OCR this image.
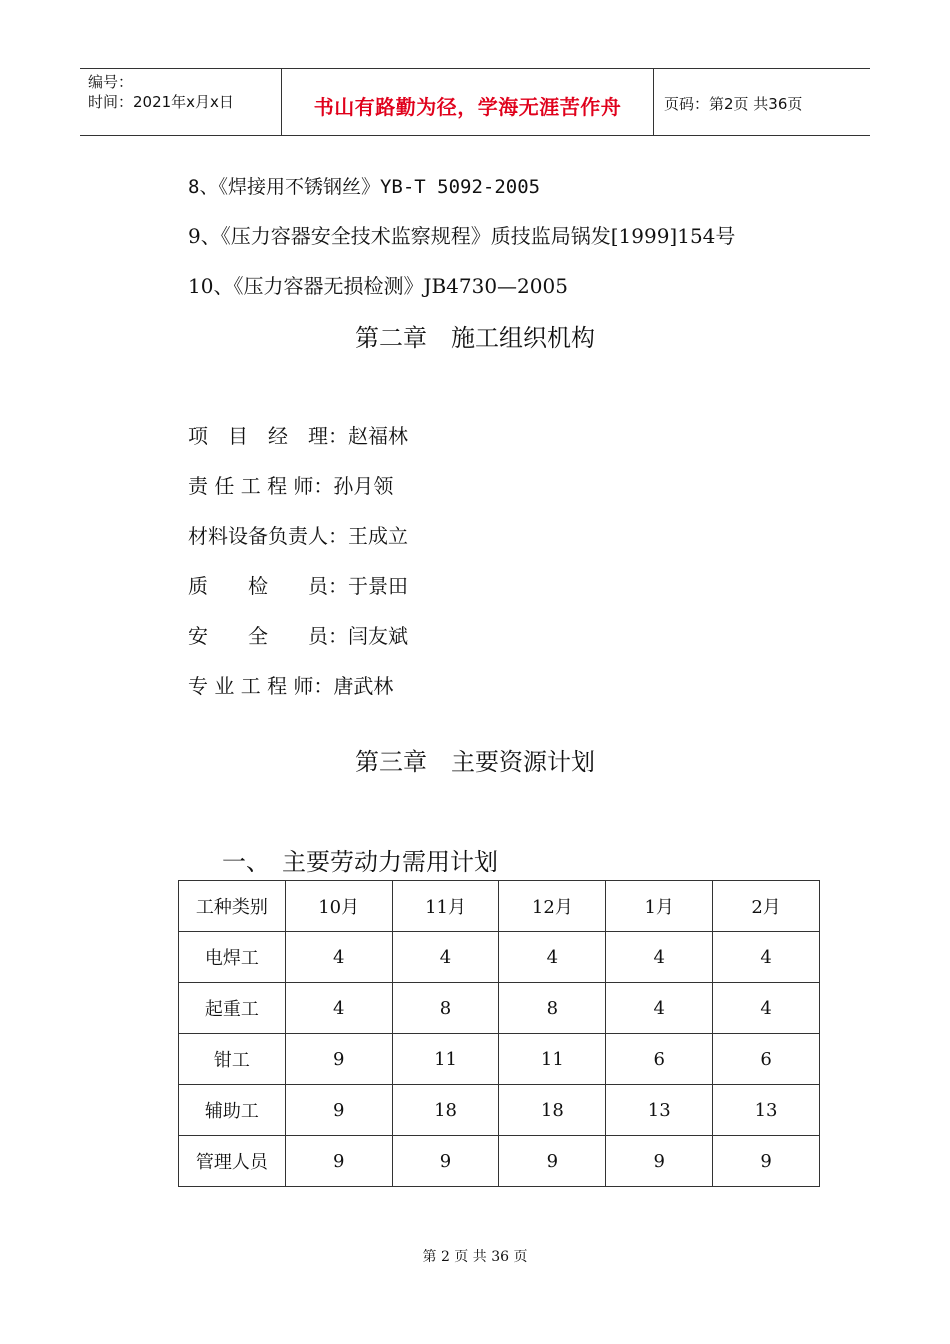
编号：
时间：2021年x月x日	书山有路勤为径，学海无涯苦作舟	页码：第2页 共36页
8、《焊接用不锈钢丝》YB-T 5092-2005
9、《压力容器安全技术监察规程》质技监局锅发[1999]154号
10、《压力容器无损检测》JB4730—2005
第二章　施工组织机构
项　目　经　理：赵福林
责 任 工 程 师：孙月领
材料设备负责人：王成立
质　　检　　员：于景田
安　　全　　员：闫友斌
专 业 工 程 师：唐武林
第三章　主要资源计划
一、　主要劳动力需用计划
工种类别	10月	11月	12月	1月	2月
电焊工	4	4	4	4	4
起重工	4	8	8	4	4
钳工	9	11	11	6	6
辅助工	9	18	18	13	13
管理人员	9	9	9	9	9
第 2 页 共 36 页
